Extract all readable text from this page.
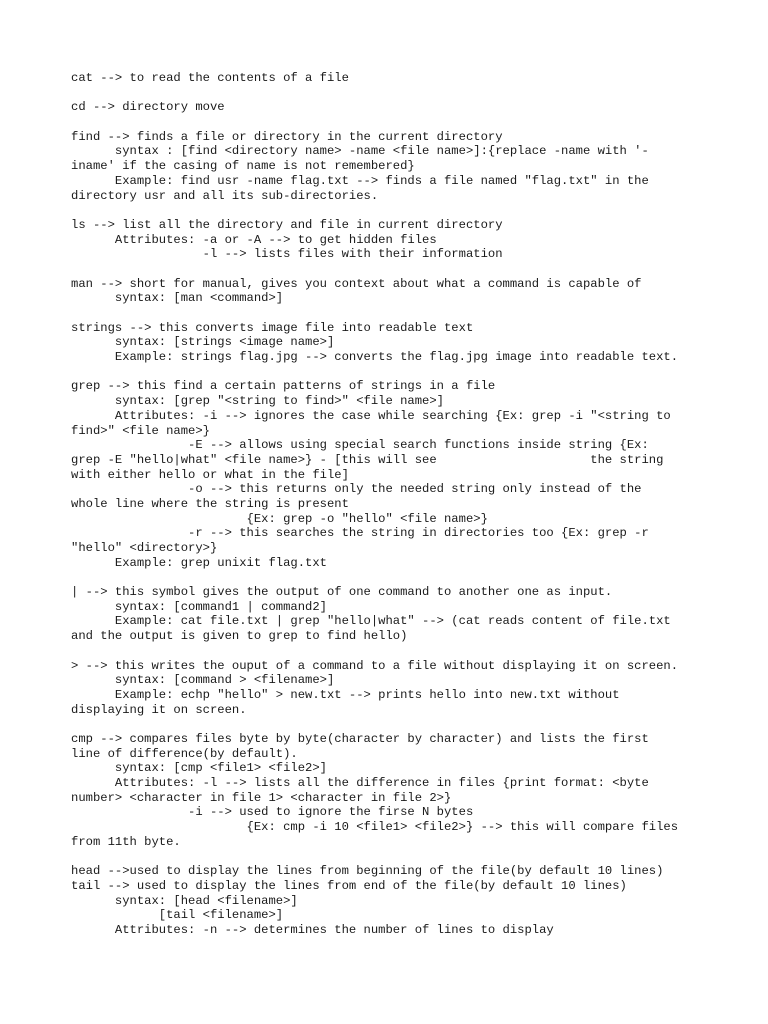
cat --> to read the contents of a file
cd --> directory move
find --> finds a file or directory in the current directory
syntax : [find <directory name> -name <file name>]:{replace -name with '-
iname' if the casing of name is not remembered}
Example: find usr -name flag.txt --> finds a file named "flag.txt" in the
directory usr and all its sub-directories.
ls --> list all the directory and file in current directory
Attributes: -a or -A --> to get hidden files
-l --> lists files with their information
man --> short for manual, gives you context about what a command is capable of
syntax: [man <command>]
strings --> this converts image file into readable text
syntax: [strings <image name>]
Example: strings flag.jpg --> converts the flag.jpg image into readable text.
grep --> this find a certain patterns of strings in a file
syntax: [grep "<string to find>" <file name>]
Attributes: -i --> ignores the case while searching {Ex: grep -i "<string to
find>" <file name>}
-E --> allows using special search functions inside string {Ex:
grep -E "hello|what" <file name>} - [this will see                     the string
with either hello or what in the file]
-o --> this returns only the needed string only instead of the
whole line where the string is present
{Ex: grep -o "hello" <file name>}
-r --> this searches the string in directories too {Ex: grep -r
"hello" <directory>}
Example: grep unixit flag.txt
| --> this symbol gives the output of one command to another one as input.
syntax: [command1 | command2]
Example: cat file.txt | grep "hello|what" --> (cat reads content of file.txt
and the output is given to grep to find hello)
> --> this writes the ouput of a command to a file without displaying it on screen.
syntax: [command > <filename>]
Example: echp "hello" > new.txt --> prints hello into new.txt without
displaying it on screen.
cmp --> compares files byte by byte(character by character) and lists the first
line of difference(by default).
syntax: [cmp <file1> <file2>]
Attributes: -l --> lists all the difference in files {print format: <byte
number> <character in file 1> <character in file 2>}
-i --> used to ignore the firse N bytes
{Ex: cmp -i 10 <file1> <file2>} --> this will compare files
from 11th byte.
head -->used to display the lines from beginning of the file(by default 10 lines)
tail --> used to display the lines from end of the file(by default 10 lines)
syntax: [head <filename>]
[tail <filename>]
Attributes: -n --> determines the number of lines to display
